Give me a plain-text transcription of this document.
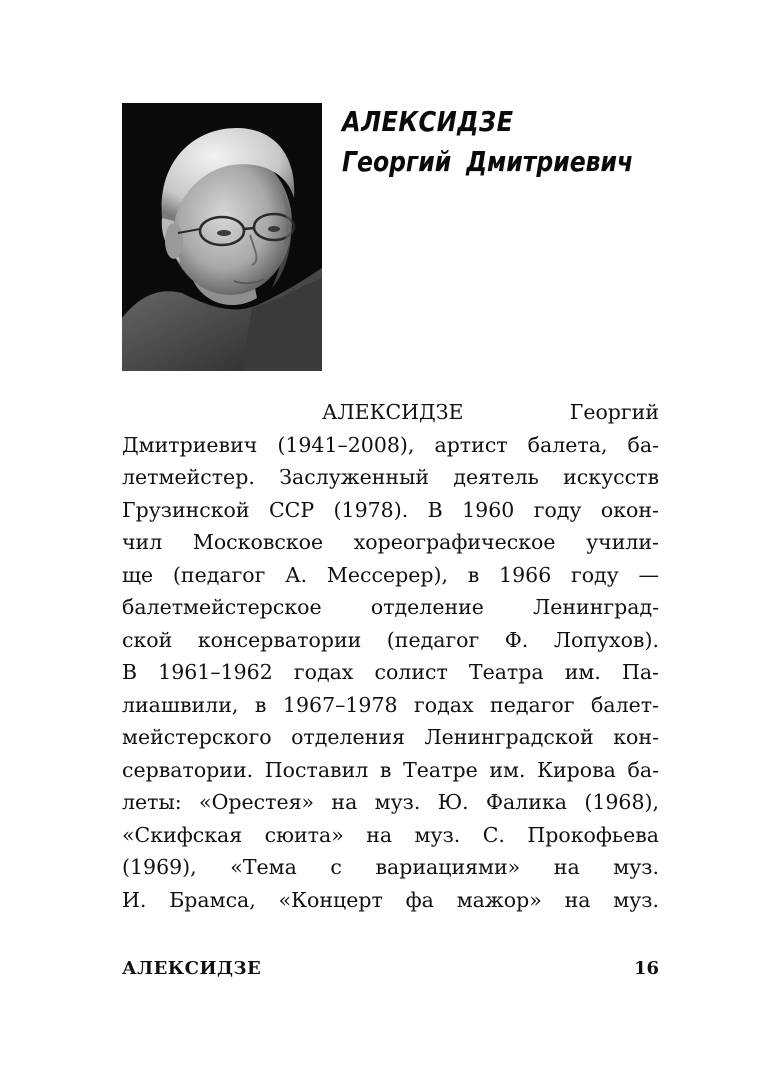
АЛЕКСИДЗЕ
Георгий Дмитриевич
АЛЕКСИДЗЕ Георгий
Дмитриевич (1941–2008), артист балета, ба-
летмейстер. Заслуженный деятель искусств
Грузинской ССР (1978). В 1960 году окон-
чил Московское хореографическое учили-
ще (педагог А. Мессерер), в 1966 году —
балетмейстерское отделение Ленинград-
ской консерватории (педагог Ф. Лопухов).
В 1961–1962 годах солист Театра им. Па-
лиашвили, в 1967–1978 годах педагог балет-
мейстерского отделения Ленинградской кон-
серватории. Поставил в Театре им. Кирова ба-
леты: «Орестея» на муз. Ю. Фалика (1968),
«Скифская сюита» на муз. С. Прокофьева
(1969), «Тема с вариациями» на муз.
И. Брамса, «Концерт фа мажор» на муз.
АЛЕКСИДЗЕ	16
